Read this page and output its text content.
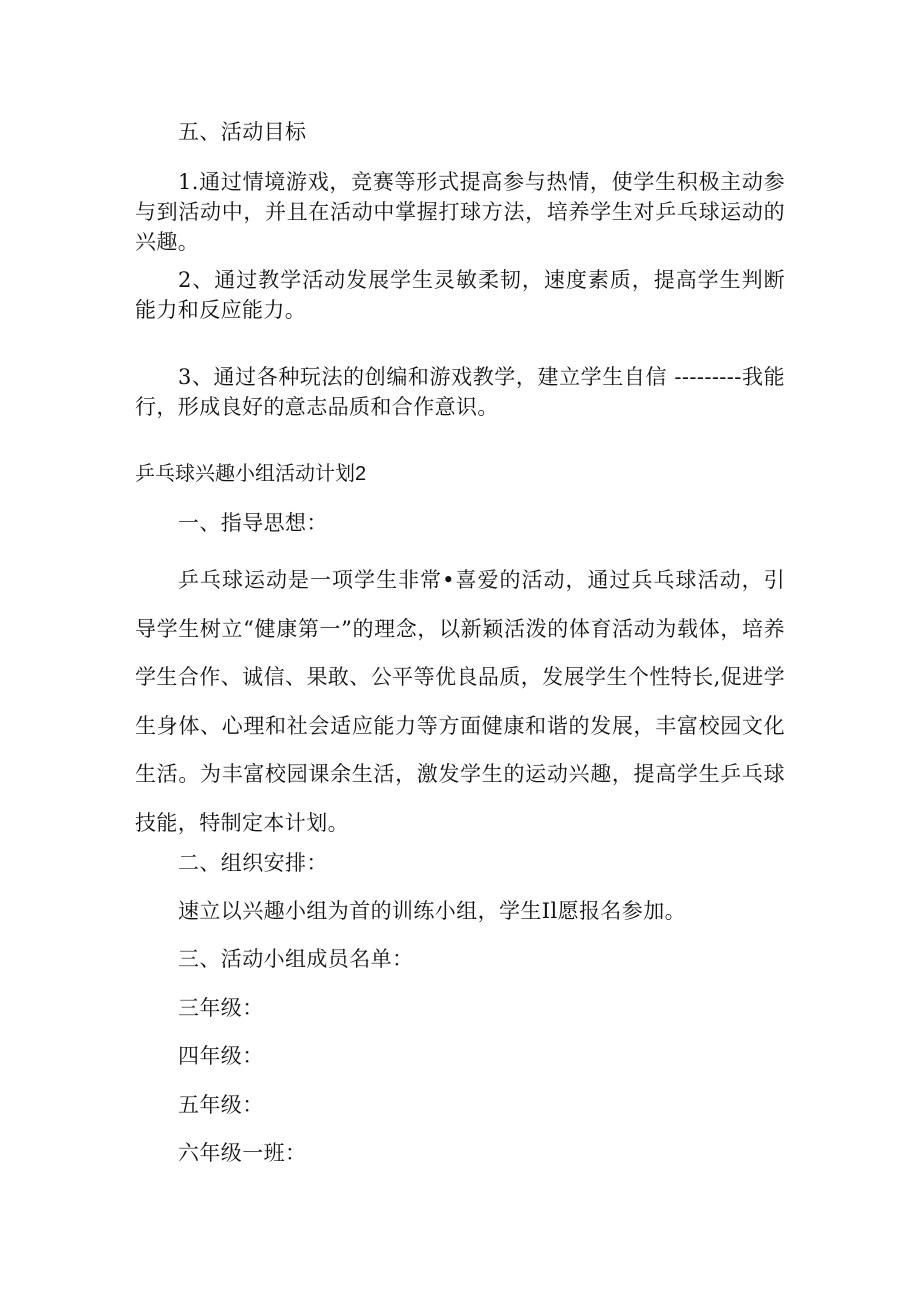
五、活动目标
1.通过情境游戏，竞赛等形式提高参与热情，使学生积极主动参与到活动中，并且在活动中掌握打球方法，培养学生对乒乓球运动的兴趣。
2、通过教学活动发展学生灵敏柔韧，速度素质，提高学生判断能力和反应能力。
3、通过各种玩法的创编和游戏教学，建立学生自信 ---------我能行，形成良好的意志品质和合作意识。
乒乓球兴趣小组活动计划2
一、指导思想：
乒乓球运动是一项学生非常•喜爱的活动，通过兵乓球活动，引导学生树立“健康第一”的理念，以新颖活泼的体育活动为载体，培养学生合作、诚信、果敢、公平等优良品质，发展学生个性特长,促进学生身体、心理和社会适应能力等方面健康和谐的发展，丰富校园文化生活。为丰富校园课余生活，激发学生的运动兴趣，提高学生乒乓球技能，特制定本计划。
二、组织安排：
速立以兴趣小组为首的训练小组，学生Il愿报名参加。
三、活动小组成员名单：
三年级：
四年级：
五年级：
六年级一班：
